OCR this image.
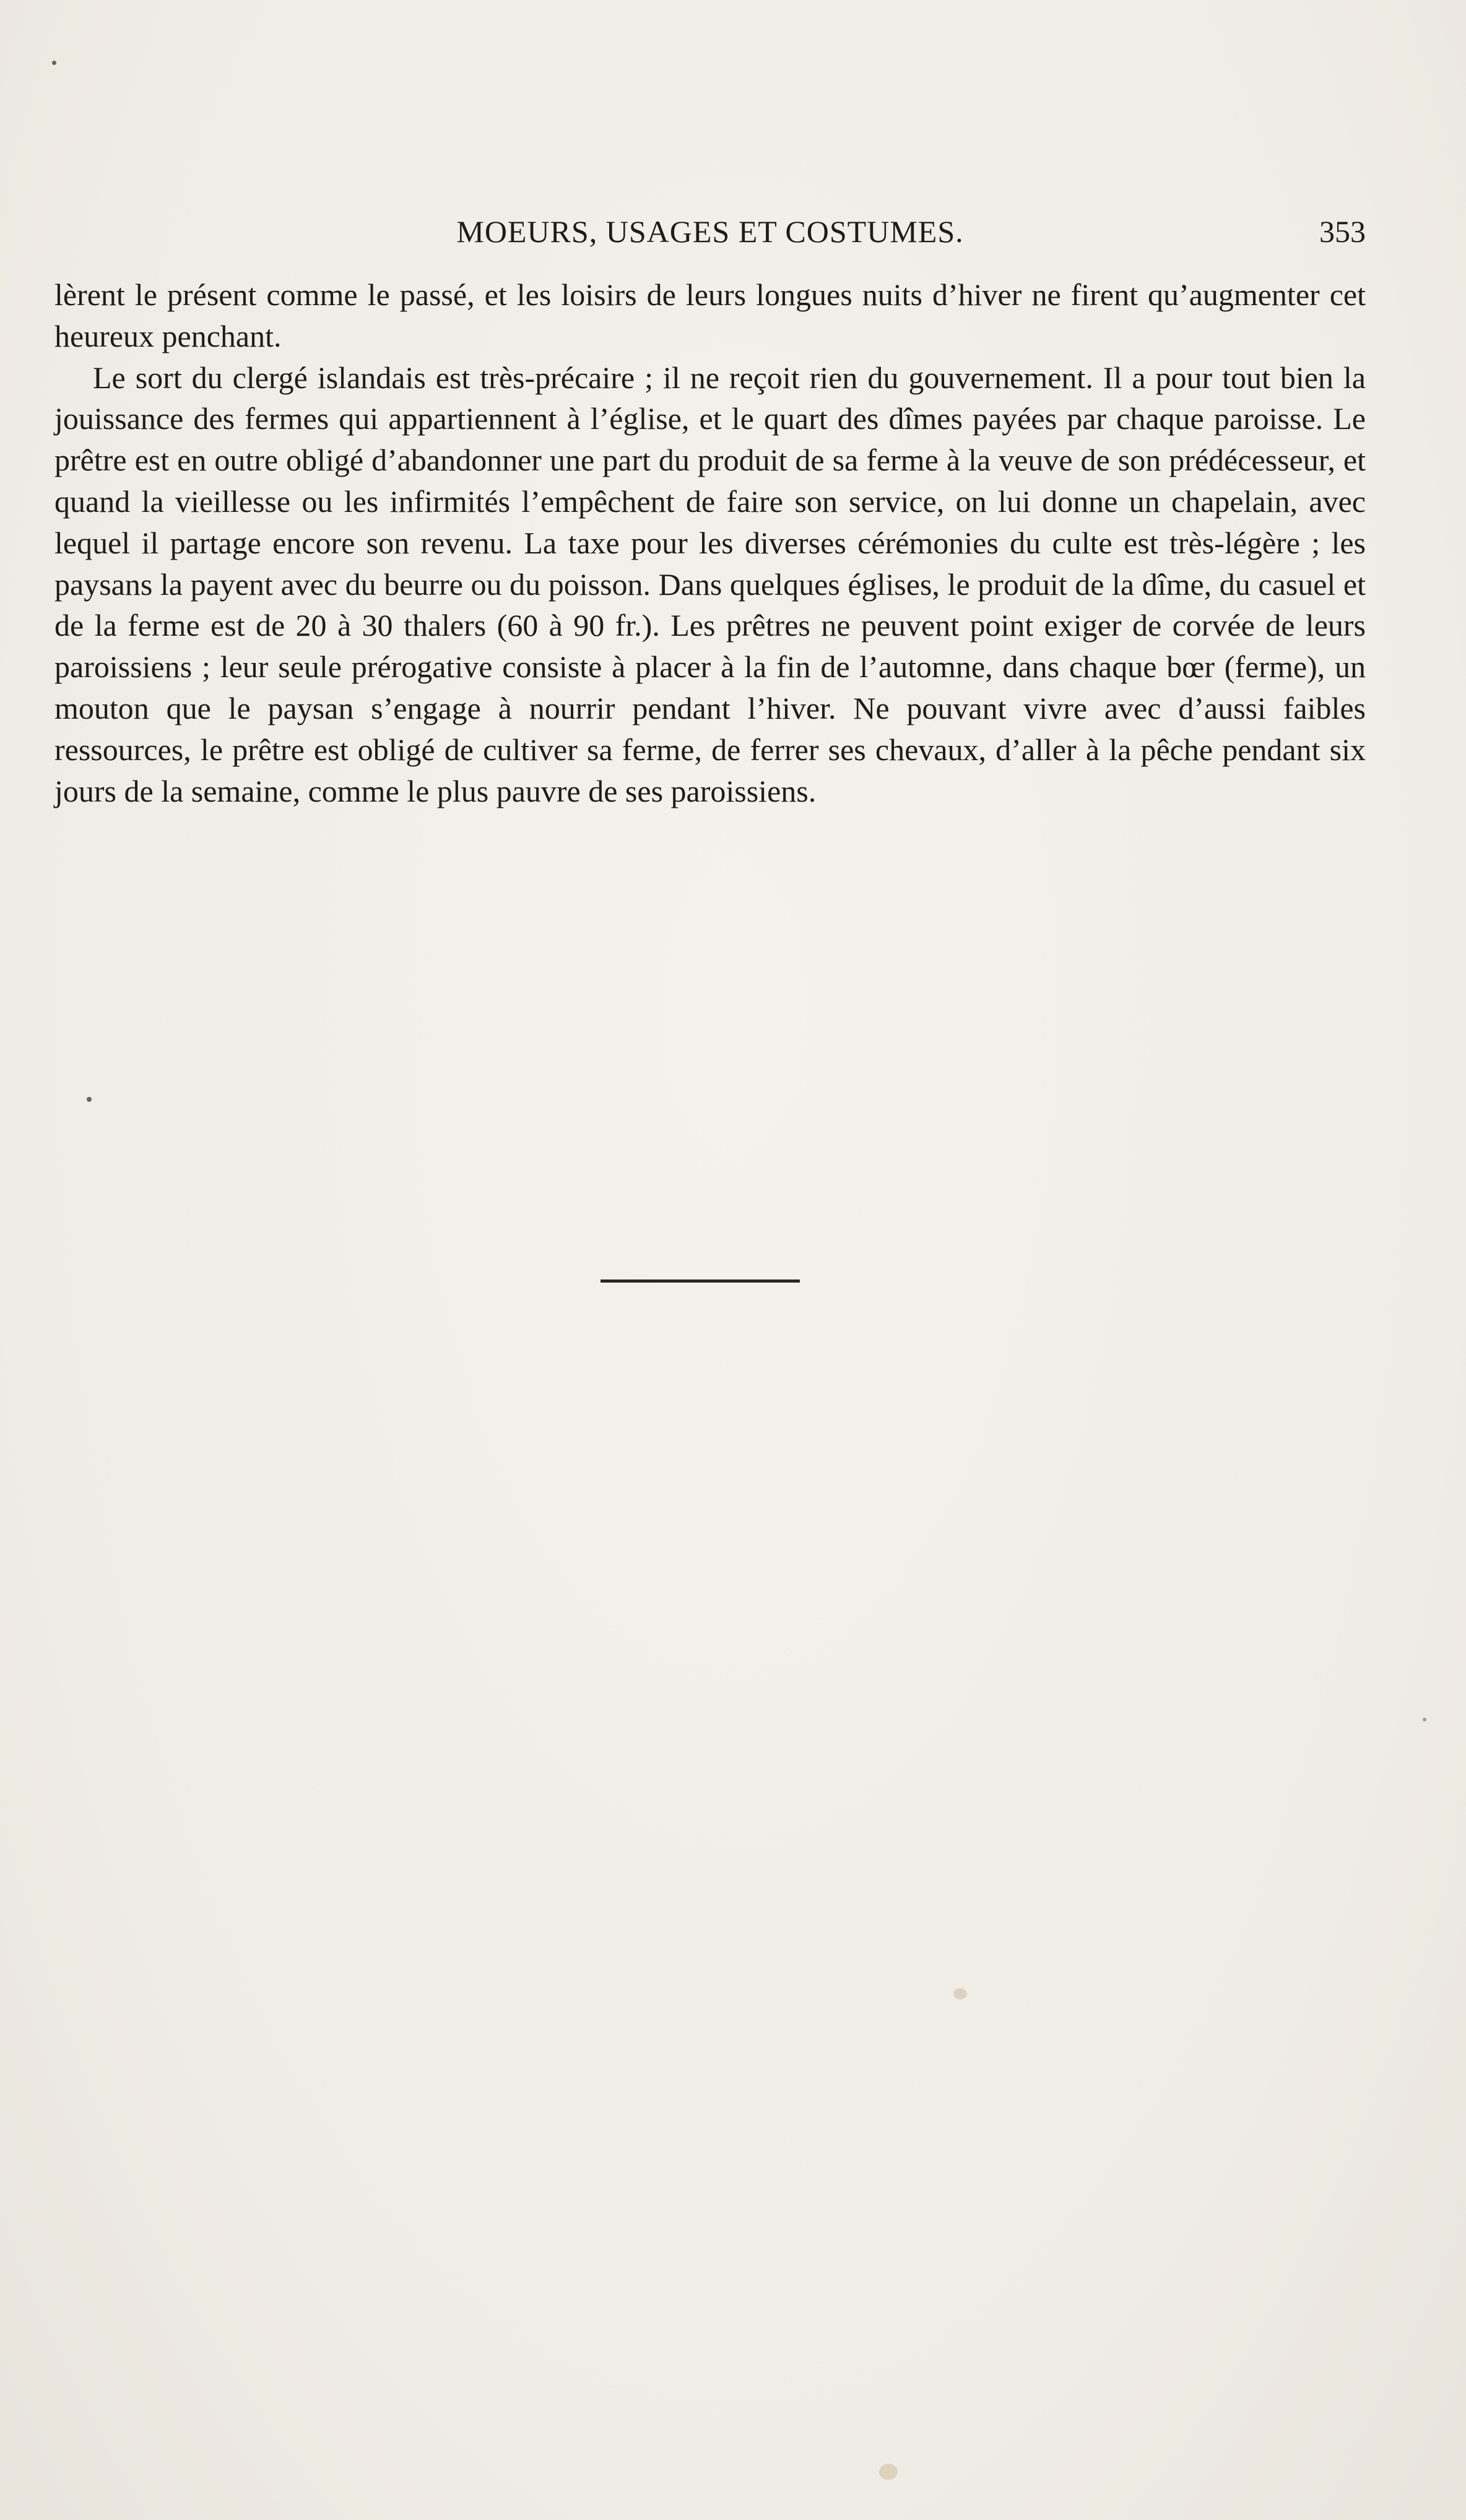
MOEURS, USAGES ET COSTUMES.	353

lèrent le présent comme le passé, et les loisirs de leurs longues nuits d’hiver ne firent qu’augmenter cet heureux penchant.

Le sort du clergé islandais est très-précaire ; il ne reçoit rien du gouvernement. Il a pour tout bien la jouissance des fermes qui appartiennent à l’église, et le quart des dîmes payées par chaque paroisse. Le prêtre est en outre obligé d’abandonner une part du produit de sa ferme à la veuve de son prédécesseur, et quand la vieillesse ou les infirmités l’empêchent de faire son service, on lui donne un chapelain, avec lequel il partage encore son revenu. La taxe pour les diverses cérémonies du culte est très-légère ; les paysans la payent avec du beurre ou du poisson. Dans quelques églises, le produit de la dîme, du casuel et de la ferme est de 20 à 30 thalers (60 à 90 fr.). Les prêtres ne peuvent point exiger de corvée de leurs paroissiens ; leur seule prérogative consiste à placer à la fin de l’automne, dans chaque bœr (ferme), un mouton que le paysan s’engage à nourrir pendant l’hiver. Ne pouvant vivre avec d’aussi faibles ressources, le prêtre est obligé de cultiver sa ferme, de ferrer ses chevaux, d’aller à la pêche pendant six jours de la semaine, comme le plus pauvre de ses paroissiens.
